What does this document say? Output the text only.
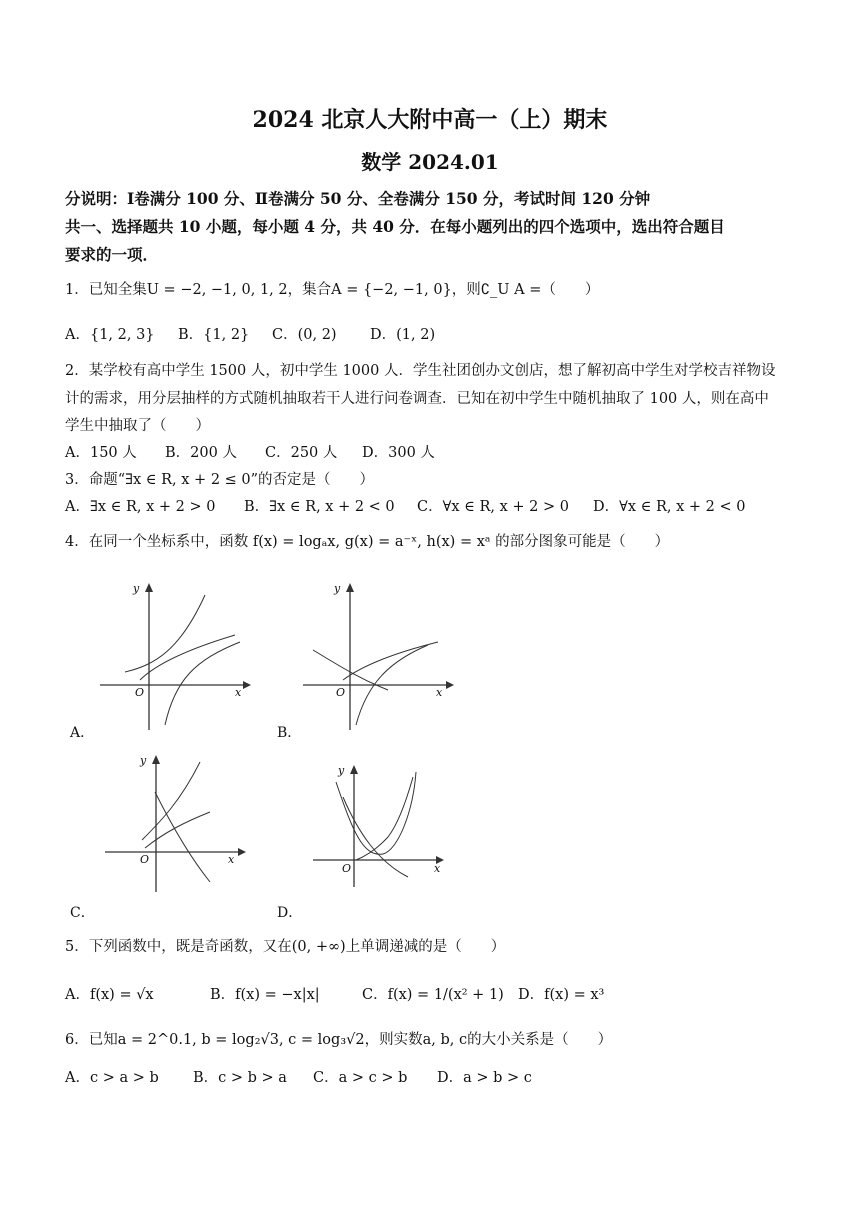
2024 北京人大附中高一（上）期末
数学 2024.01
分说明：Ⅰ卷满分 100 分、Ⅱ卷满分 50 分、全卷满分 150 分，考试时间 120 分钟
共一、选择题共 10 小题，每小题 4 分，共 40 分．在每小题列出的四个选项中，选出符合题目
要求的一项．
1．已知全集U = −2, −1, 0, 1, 2，集合A = {−2, −1, 0}，则∁_U A =（　　）
A．{1, 2, 3} B．{1, 2} C．(0, 2) D．(1, 2)
2．某学校有高中学生 1500 人，初中学生 1000 人．学生社团创办文创店，想了解初高中学生对学校吉祥物设
计的需求，用分层抽样的方式随机抽取若干人进行问卷调查．已知在初中学生中随机抽取了 100 人，则在高中
学生中抽取了（　　）
A．150 人 B．200 人 C．250 人 D．300 人
3．命题“∃x ∈ R, x + 2 ≤ 0”的否定是（　　）
A．∃x ∈ R, x + 2 > 0 B．∃x ∈ R, x + 2 < 0 C．∀x ∈ R, x + 2 > 0 D．∀x ∈ R, x + 2 < 0
4．在同一个坐标系中，函数 f(x) = logₐx, g(x) = a⁻ˣ, h(x) = xᵃ 的部分图象可能是（　　）
y
x
O
A．
y
x
O
B．
y
x
O
C．
y
x
O
D．
5．下列函数中，既是奇函数，又在(0, +∞)上单调递减的是（　　）
A．f(x) = √x	B．f(x) = −x|x|	C．f(x) = 1/(x² + 1) D．f(x) = x³
6．已知a = 2^0.1, b = log₂√3, c = log₃√2，则实数a, b, c的大小关系是（　　）
A．c > a > b B．c > b > a C．a > c > b D．a > b > c
